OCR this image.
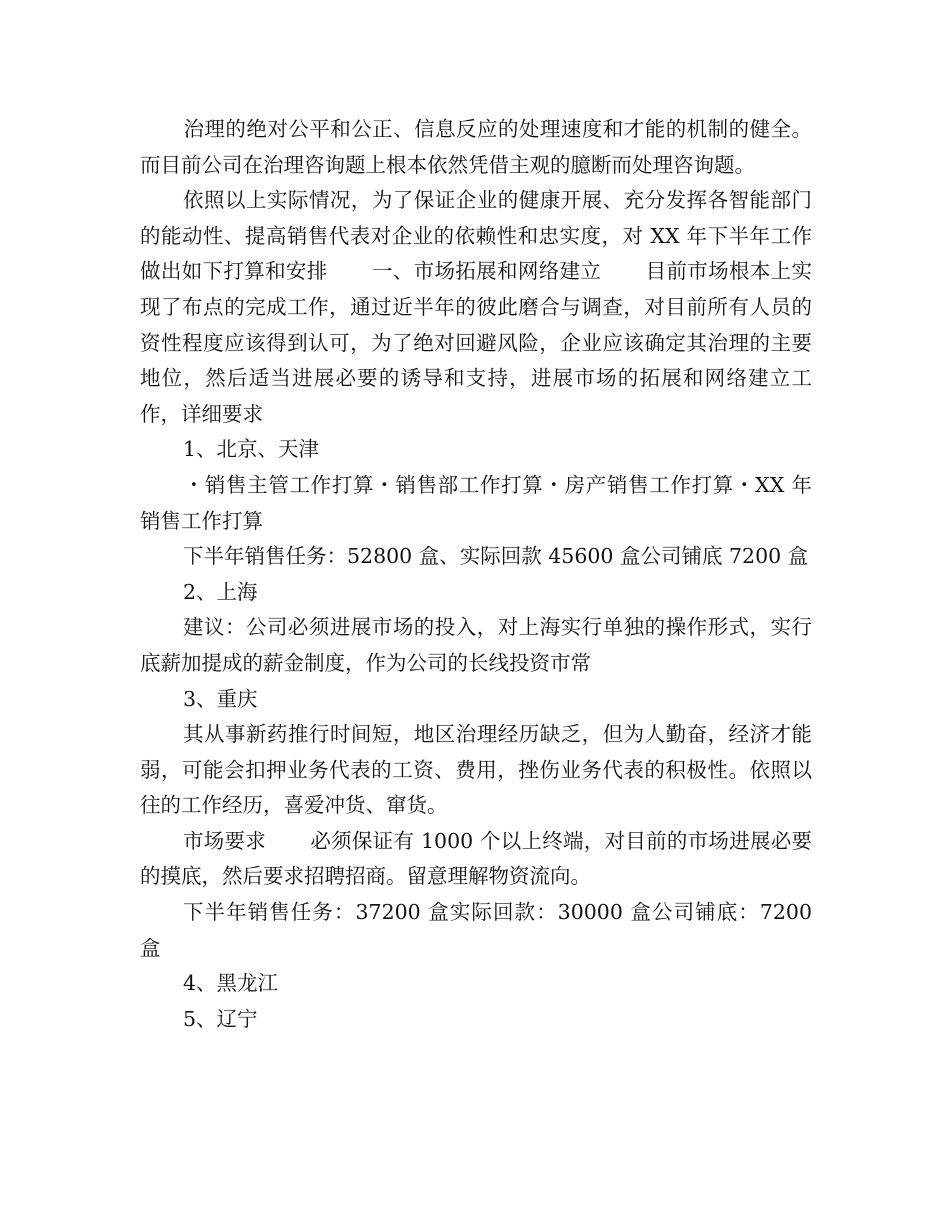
治理的绝对公平和公正、信息反应的处理速度和才能的机制的健全。而目前公司在治理咨询题上根本依然凭借主观的臆断而处理咨询题。

依照以上实际情况，为了保证企业的健康开展、充分发挥各智能部门的能动性、提高销售代表对企业的依赖性和忠实度，对 XX 年下半年工作做出如下打算和安排 一、市场拓展和网络建立 目前市场根本上实现了布点的完成工作，通过近半年的彼此磨合与调查，对目前所有人员的资性程度应该得到认可，为了绝对回避风险，企业应该确定其治理的主要地位，然后适当进展必要的诱导和支持，进展市场的拓展和网络建立工作，详细要求

1、北京、天津

・销售主管工作打算・销售部工作打算・房产销售工作打算・XX 年销售工作打算

下半年销售任务：52800 盒、实际回款 45600 盒公司铺底 7200 盒

2、上海

建议：公司必须进展市场的投入，对上海实行单独的操作形式，实行底薪加提成的薪金制度，作为公司的长线投资市常

3、重庆

其从事新药推行时间短，地区治理经历缺乏，但为人勤奋，经济才能弱，可能会扣押业务代表的工资、费用，挫伤业务代表的积极性。依照以往的工作经历，喜爱冲货、窜货。

市场要求 必须保证有 1000 个以上终端，对目前的市场进展必要的摸底，然后要求招聘招商。留意理解物资流向。

下半年销售任务：37200 盒实际回款：30000 盒公司铺底：7200 盒

4、黑龙江

5、辽宁
